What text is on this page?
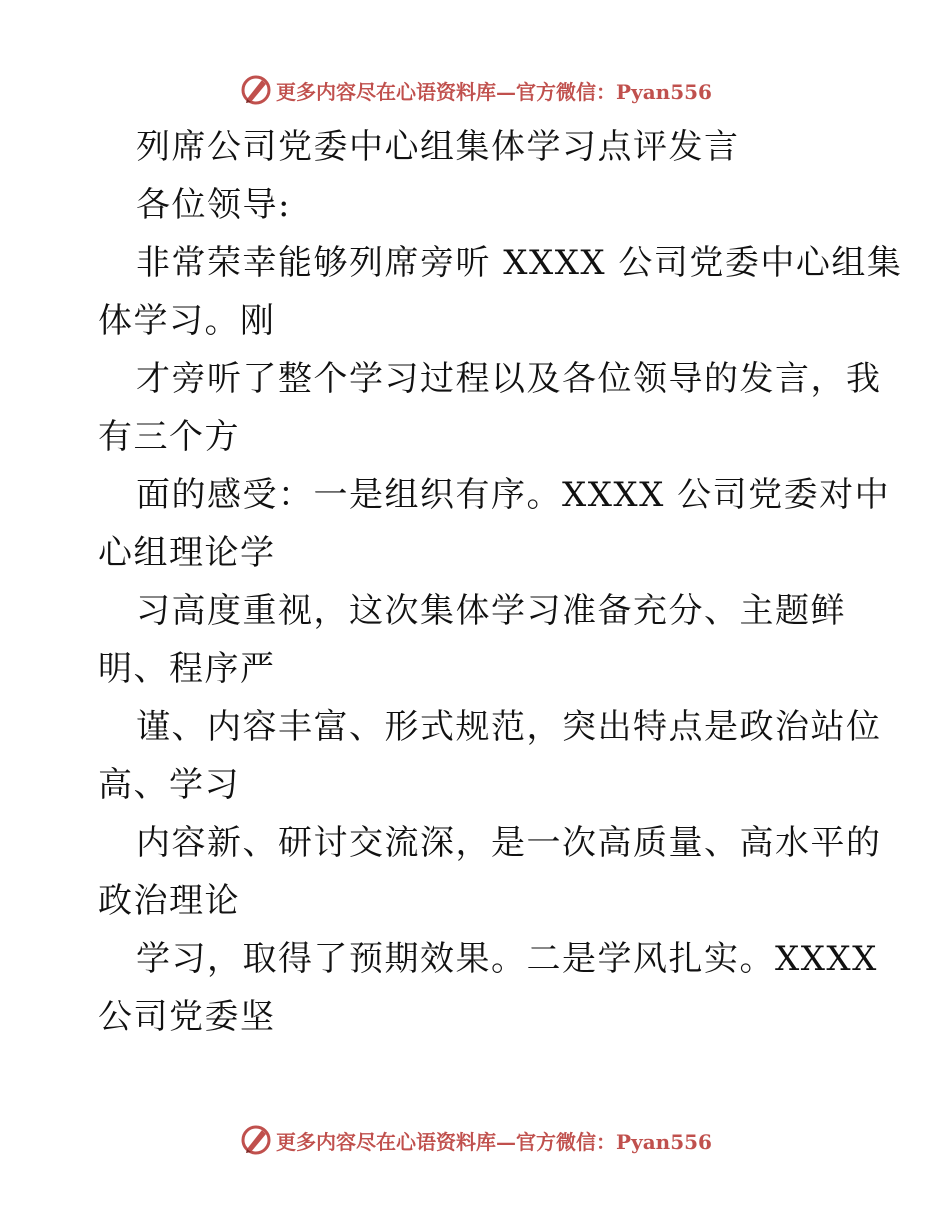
更多内容尽在心语资料库—官方微信：Pyan556
列席公司党委中心组集体学习点评发言
各位领导:
非常荣幸能够列席旁听 XXXX 公司党委中心组集
体学习。刚
才旁听了整个学习过程以及各位领导的发言，我
有三个方
面的感受：一是组织有序。XXXX 公司党委对中
心组理论学
习高度重视，这次集体学习准备充分、主题鲜
明、程序严
谨、内容丰富、形式规范，突出特点是政治站位
高、学习
内容新、研讨交流深，是一次高质量、高水平的
政治理论
学习，取得了预期效果。二是学风扎实。XXXX
公司党委坚
更多内容尽在心语资料库—官方微信：Pyan556
